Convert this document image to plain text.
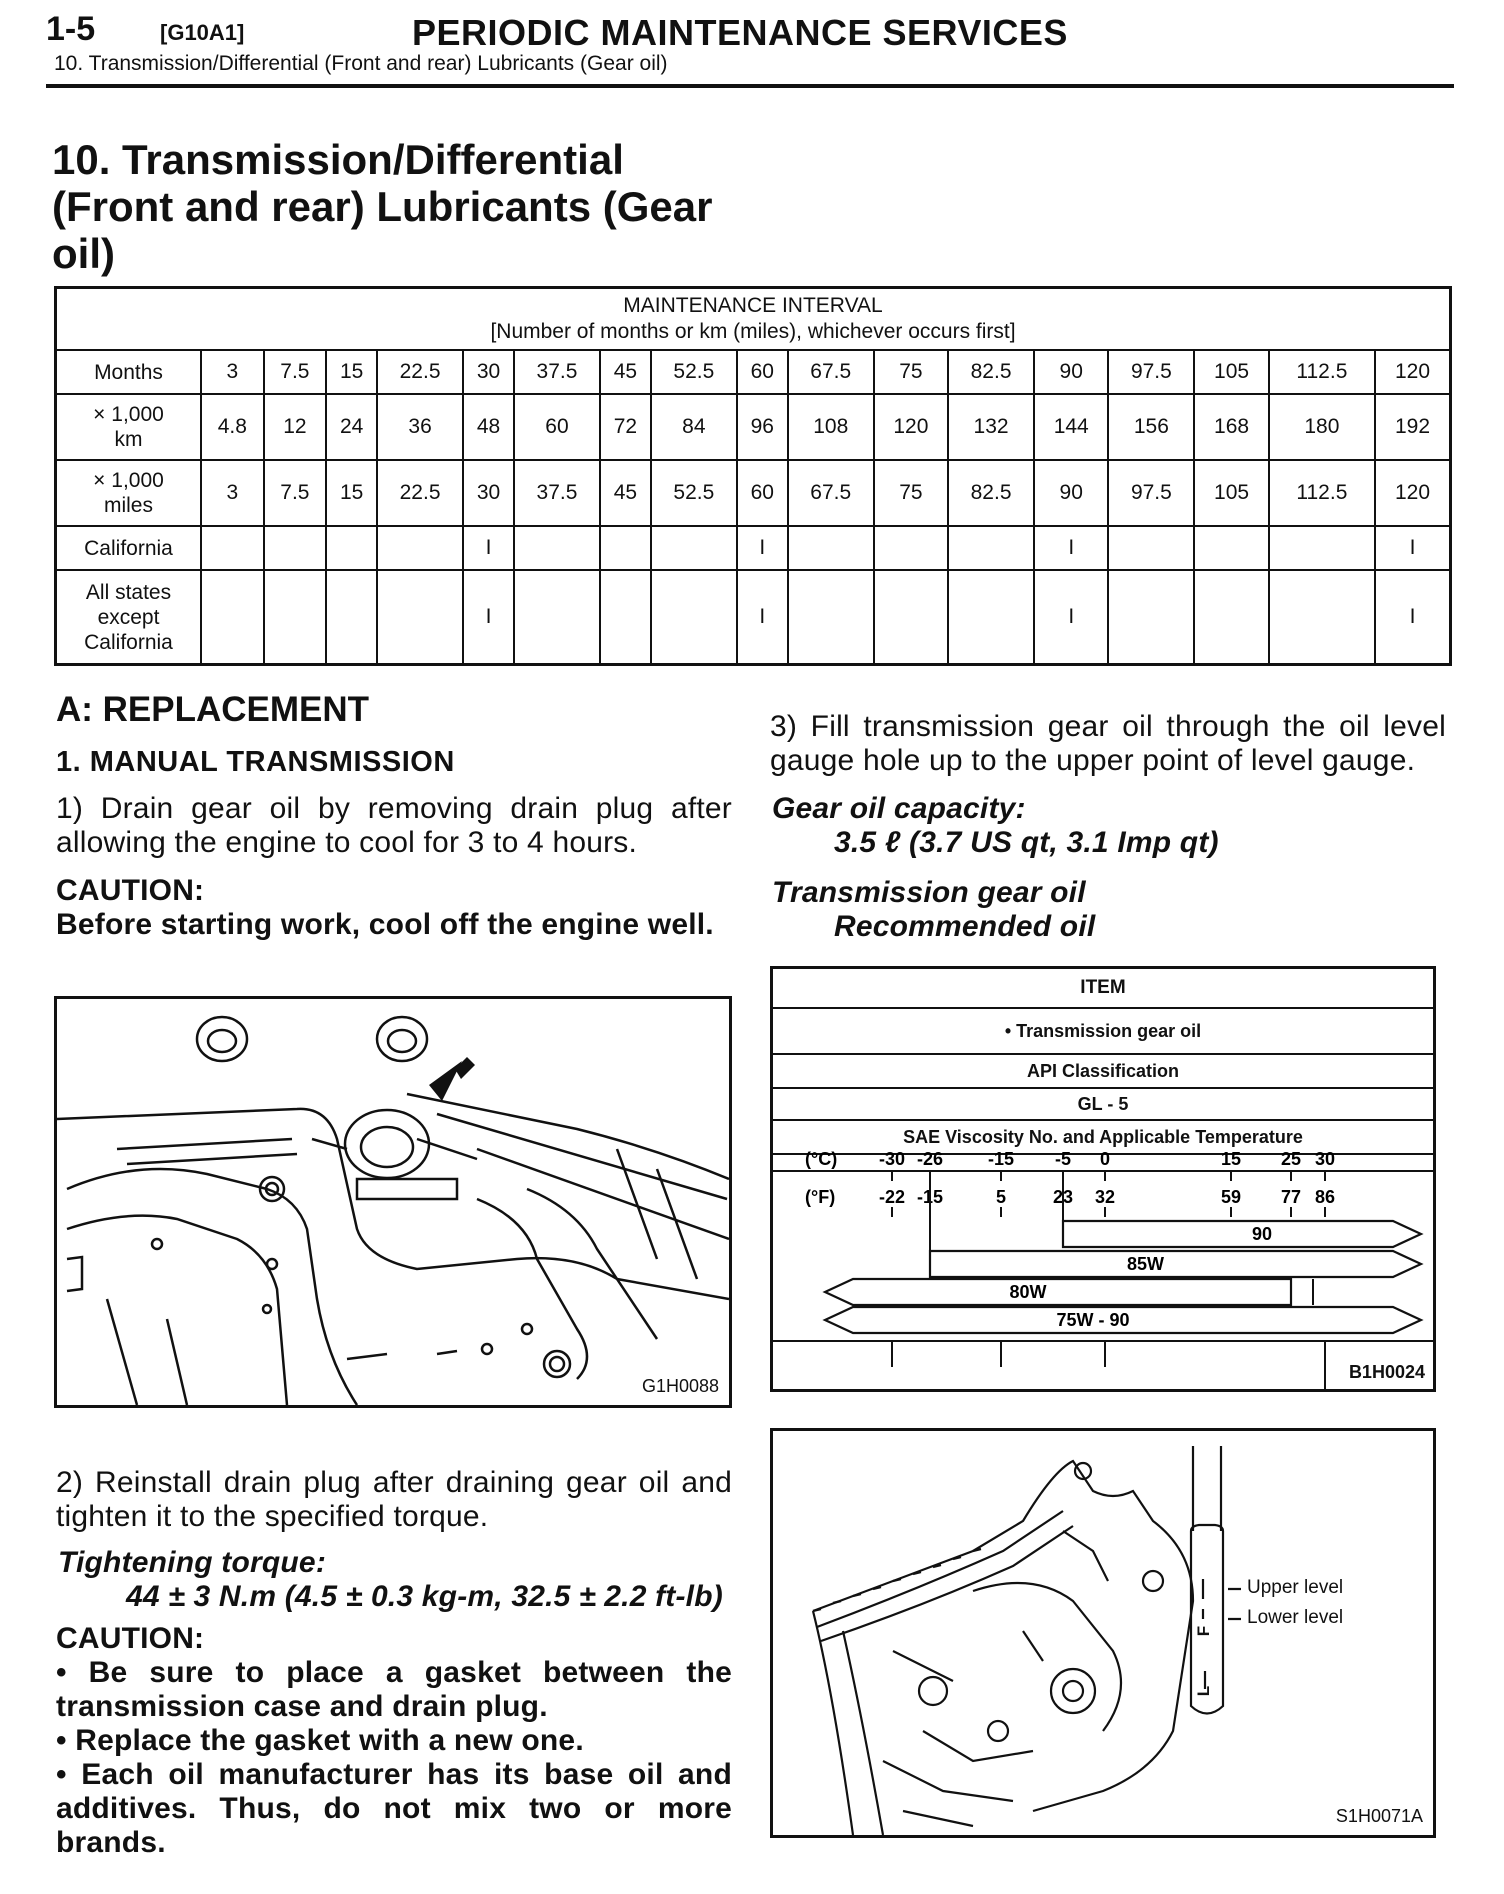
1-5	[G10A1]	PERIODIC MAINTENANCE SERVICES
10. Transmission/Differential (Front and rear) Lubricants (Gear oil)
10. Transmission/Differential
(Front and rear) Lubricants (Gear
oil)
MAINTENANCE INTERVAL
[Number of months or km (miles), whichever occurs first]																	

Months	3	7.5	15	22.5	30	37.5	45	52.5	60	67.5	75	82.5	90	97.5	105	112.5	120

× 1,000
km	4.8	12	24	36	48	60	72	84	96	108	120	132	144	156	168	180	192

× 1,000
miles	3	7.5	15	22.5	30	37.5	45	52.5	60	67.5	75	82.5	90	97.5	105	112.5	120
California					I				I				I				I

All states
except
California					I				I				I				I
A: REPLACEMENT
1. MANUAL TRANSMISSION
1) Drain gear oil by removing drain plug after allowing the engine to cool for 3 to 4 hours.
CAUTION:
Before starting work, cool off the engine well.
G1H0088
2) Reinstall drain plug after draining gear oil and tighten it to the specified torque.
Tightening torque:
44 ± 3 N.m (4.5 ± 0.3 kg-m, 32.5 ± 2.2 ft-lb)
CAUTION:
• Be sure to place a gasket between the transmission case and drain plug.
• Replace the gasket with a new one.
• Each oil manufacturer has its base oil and additives. Thus, do not mix two or more brands.
3) Fill transmission gear oil through the oil level gauge hole up to the upper point of level gauge.
Gear oil capacity:
3.5 ℓ (3.7 US qt, 3.1 Imp qt)
Transmission gear oil
Recommended oil
ITEM
• Transmission gear oil
API Classification
GL - 5
SAE Viscosity No. and Applicable Temperature
(°C)
(°F)
-30 -26 -15 -5 0	15 25 30
-22 -15	5	23 32	59 77 86
90
85W
80W
75W - 90
B1H0024
F
L
Upper level
Lower level
S1H0071A
